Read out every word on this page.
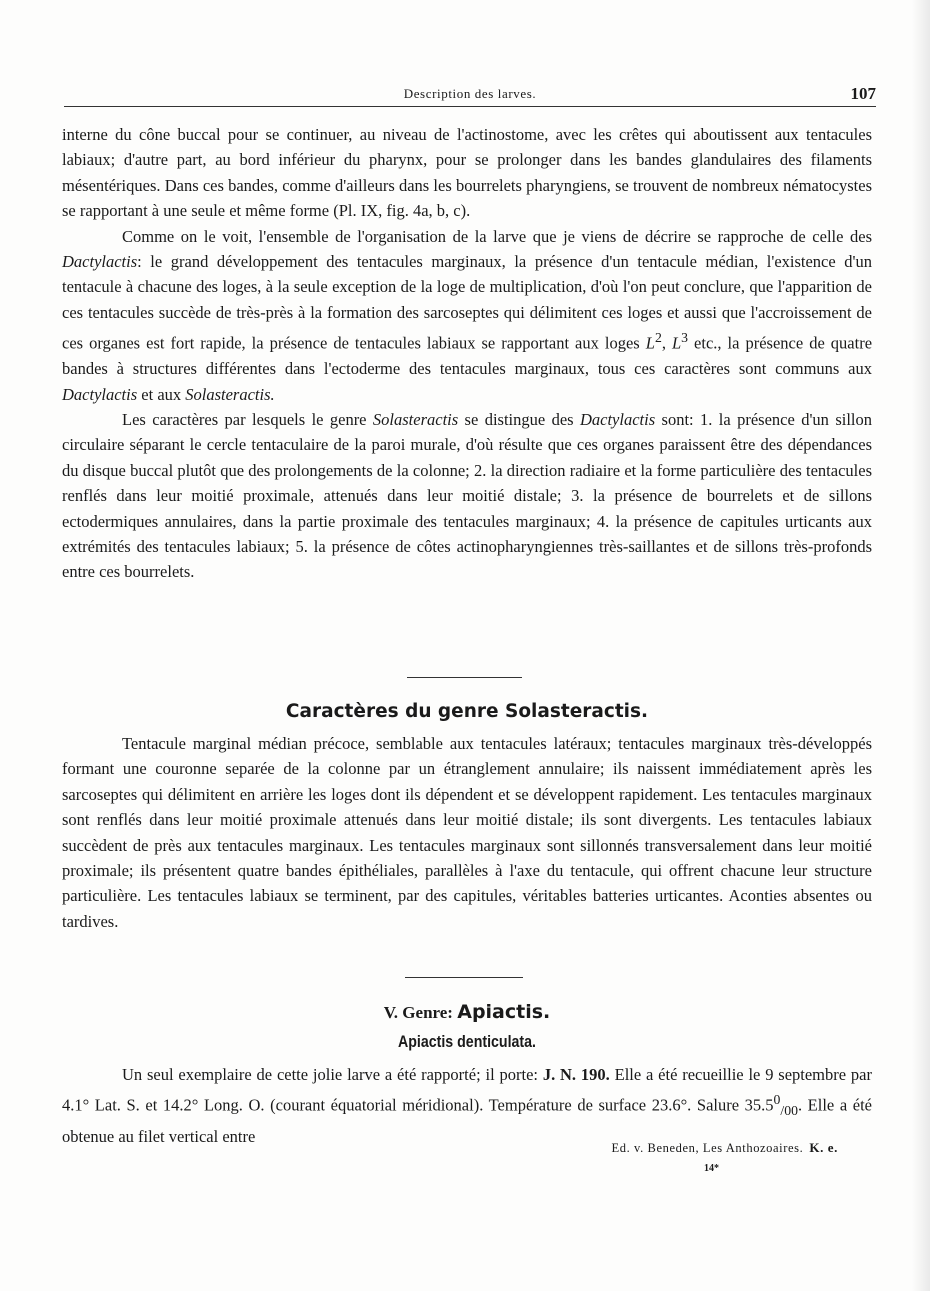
Description des larves.	107

interne du cône buccal pour se continuer, au niveau de l'actinostome, avec les crêtes qui aboutissent aux tentacules labiaux; d'autre part, au bord inférieur du pharynx, pour se prolonger dans les bandes glandulaires des filaments mésentériques. Dans ces bandes, comme d'ailleurs dans les bourrelets pharyngiens, se trouvent de nombreux nématocystes se rapportant à une seule et même forme (Pl. IX, fig. 4a, b, c).

Comme on le voit, l'ensemble de l'organisation de la larve que je viens de décrire se rapproche de celle des Dactylactis: le grand développement des tentacules marginaux, la présence d'un tentacule médian, l'existence d'un tentacule à chacune des loges, à la seule exception de la loge de multiplication, d'où l'on peut conclure, que l'apparition de ces tentacules succède de très-près à la formation des sarcoseptes qui délimitent ces loges et aussi que l'accroissement de ces organes est fort rapide, la présence de tentacules labiaux se rapportant aux loges $L^2$, $L^3$ etc., la présence de quatre bandes à structures différentes dans l'ectoderme des tentacules marginaux, tous ces caractères sont communs aux Dactylactis et aux Solasteractis.

Les caractères par lesquels le genre Solasteractis se distingue des Dactylactis sont: 1. la présence d'un sillon circulaire séparant le cercle tentaculaire de la paroi murale, d'où résulte que ces organes paraissent être des dépendances du disque buccal plutôt que des prolongements de la colonne; 2. la direction radiaire et la forme particulière des tentacules renflés dans leur moitié proximale, attenués dans leur moitié distale; 3. la présence de bourrelets et de sillons ectodermiques annulaires, dans la partie proximale des tentacules marginaux; 4. la présence de capitules urticants aux extrémités des tentacules labiaux; 5. la présence de côtes actinopharyngiennes très-saillantes et de sillons très-profonds entre ces bourrelets.

Caractères du genre Solasteractis.

Tentacule marginal médian précoce, semblable aux tentacules latéraux; tentacules marginaux très-développés formant une couronne separée de la colonne par un étranglement annulaire; ils naissent immédiatement après les sarcoseptes qui délimitent en arrière les loges dont ils dépendent et se développent rapidement. Les tentacules marginaux sont renflés dans leur moitié proximale attenués dans leur moitié distale; ils sont divergents. Les tentacules labiaux succèdent de près aux tentacules marginaux. Les tentacules marginaux sont sillonnés transversalement dans leur moitié proximale; ils présentent quatre bandes épithéliales, parallèles à l'axe du tentacule, qui offrent chacune leur structure particulière. Les tentacules labiaux se terminent, par des capitules, véritables batteries urticantes. Aconties absentes ou tardives.

V. Genre: Apiactis.
Apiactis denticulata.

Un seul exemplaire de cette jolie larve a été rapporté; il porte: J. N. 190. Elle a été recueillie le 9 septembre par 4.1° Lat. S. et 14.2° Long. O. (courant équatorial méridional). Température de surface 23.6°. Salure $35.5^0_{/00}$. Elle a été obtenue au filet vertical entre

Ed. v. Beneden, Les Anthozoaires. K. e.
14*
